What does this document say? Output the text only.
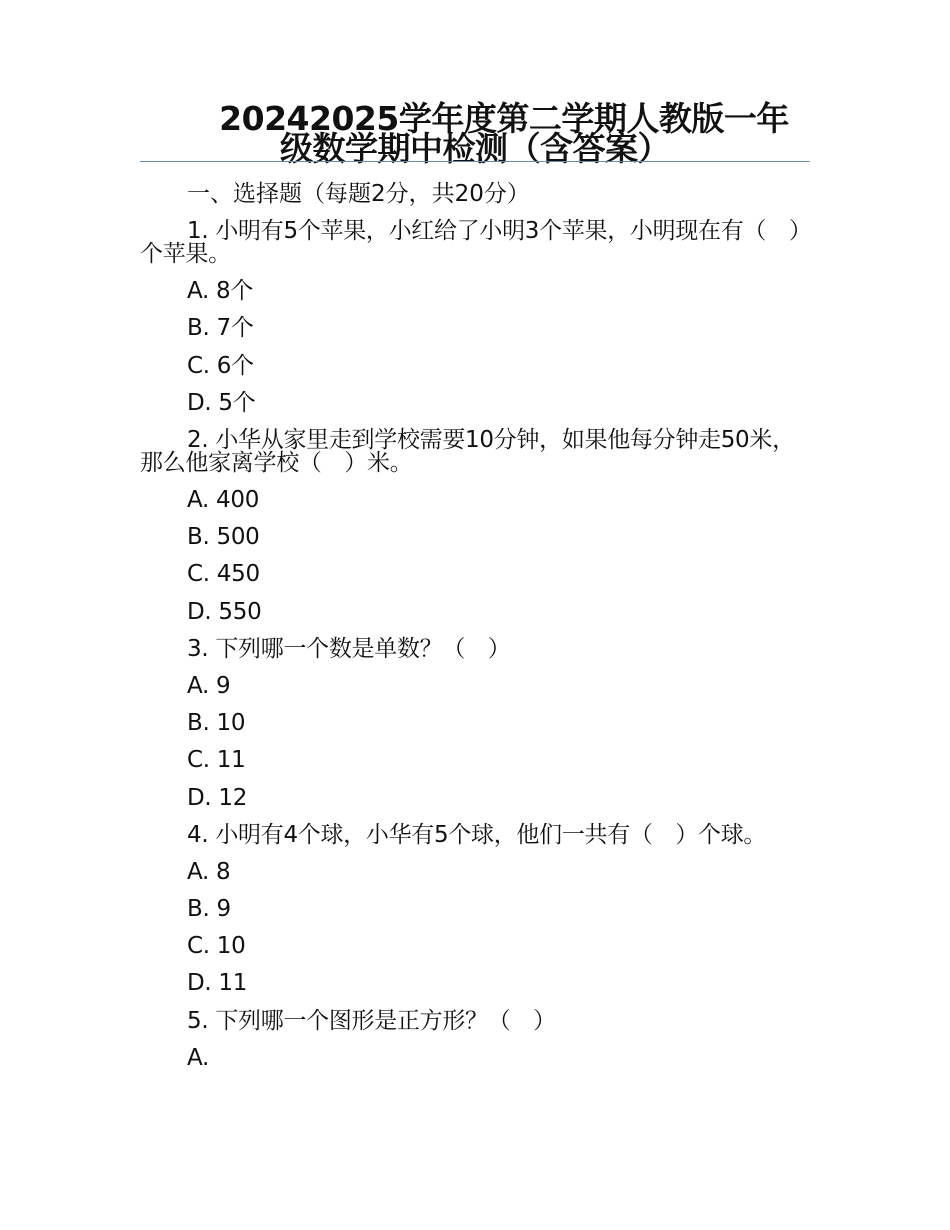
20242025学年度第二学期人教版一年
级数学期中检测（含答案）

一、选择题（每题2分，共20分）

1. 小明有5个苹果，小红给了小明3个苹果，小明现在有（　）个苹果。

A. 8个

B. 7个

C. 6个

D. 5个

2. 小华从家里走到学校需要10分钟，如果他每分钟走50米，那么他家离学校（　）米。

A. 400

B. 500

C. 450

D. 550

3. 下列哪一个数是单数？（　）

A. 9

B. 10

C. 11

D. 12

4. 小明有4个球，小华有5个球，他们一共有（　）个球。

A. 8

B. 9

C. 10

D. 11

5. 下列哪一个图形是正方形？（　）

A.
